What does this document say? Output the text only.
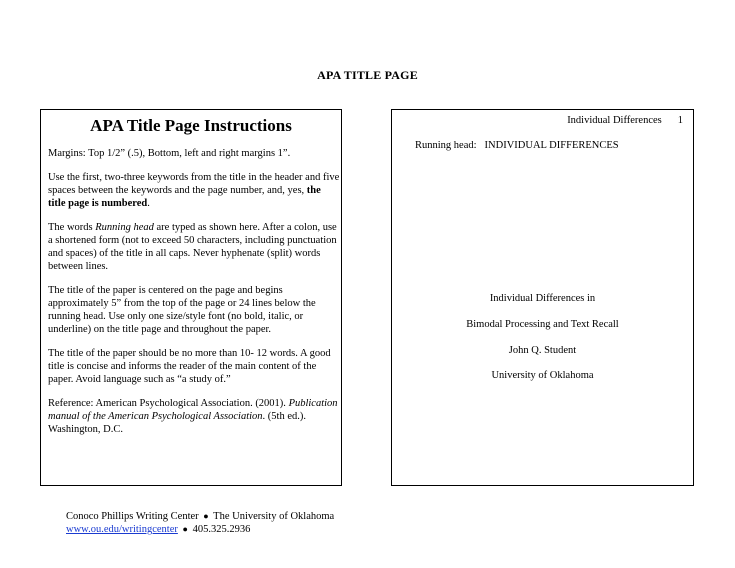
APA TITLE PAGE
APA Title Page Instructions

Margins: Top 1/2” (.5), Bottom, left and right margins 1”.

Use the first, two-three keywords from the title in the header and five spaces between the keywords and the page number, and, yes, the title page is numbered.

The words Running head are typed as shown here. After a colon, use a shortened form (not to exceed 50 characters, including punctuation and spaces) of the title in all caps. Never hyphenate (split) words between lines.

The title of the paper is centered on the page and begins approximately 5” from the top of the page or 24 lines below the running head. Use only one size/style font (no bold, italic, or underline) on the title page and throughout the paper.

The title of the paper should be no more than 10- 12 words. A good title is concise and informs the reader of the main content of the paper. Avoid language such as “a study of.”

Reference: American Psychological Association. (2001). Publication manual of the American Psychological Association. (5th ed.). Washington, D.C.

Individual Differences 1
Running head: INDIVIDUAL DIFFERENCES
Individual Differences in
Bimodal Processing and Text Recall
John Q. Student
University of Oklahoma
Conoco Phillips Writing Center ● The University of Oklahoma
www.ou.edu/writingcenter ● 405.325.2936
